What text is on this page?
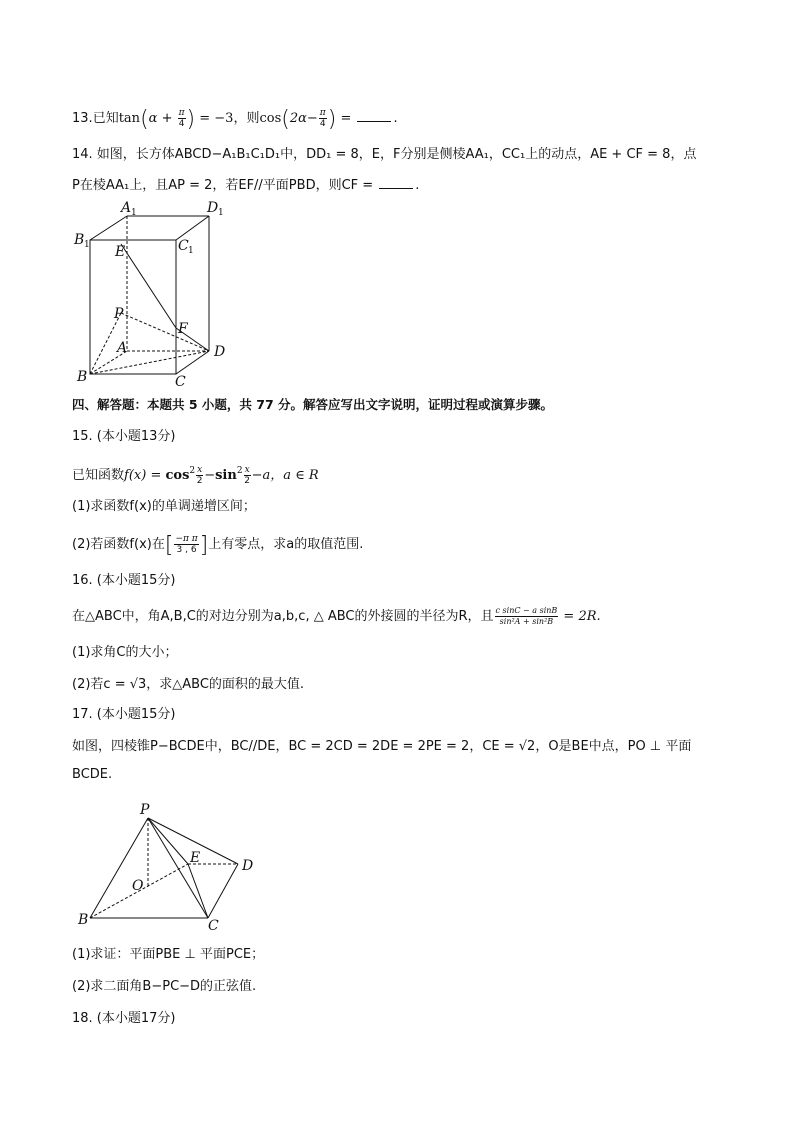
13.已知$\tan(\alpha + \frac{\pi}{4}$ ) = −3，则$\cos(2\alpha- \frac{\pi}{4}$ ) =	.
14. 如图，长方体ABCD−A₁B₁C₁D₁中，DD₁ = 8，E，F分别是侧棱AA₁，CC₁上的动点，AE + CF = 8，点
P在棱AA₁上，且AP = 2，若EF//平面PBD，则CF =	.
A 1	D 1
B 1	C 1
E
P
F
A	D
B	C
四、解答题：本题共 5 小题，共 77 分。解答应写出文字说明，证明过程或演算步骤。
15. (本小题13分)
已知函数$f(x) = \cos^2 \frac{x}{2} -\sin^2 \frac{x}{2} -a$，a ∈ R
(1)求函数f(x)的单调递增区间；
(2)若函数f(x)在[ $\frac{\text{−π π}}{3 , 6}$ ]上有零点，求a的取值范围.
16. (本小题15分)
在△ABC中，角A,B,C的对边分别为a,b,c, △ ABC的外接圆的半径为R，且 $\frac{\text{c sinC − a sinB}}{\text{sin²A + sin²B}} = 2R$.
(1)求角C的大小；
(2)若c = √3，求△ABC的面积的最大值.
17. (本小题15分)
如图，四棱锥P−BCDE中，BC//DE，BC = 2CD = 2DE = 2PE = 2，CE = √2，O是BE中点，PO ⊥ 平面
BCDE.
P
E	D
O
B	C
(1)求证：平面PBE ⊥ 平面PCE；
(2)求二面角B−PC−D的正弦值.
18. (本小题17分)
